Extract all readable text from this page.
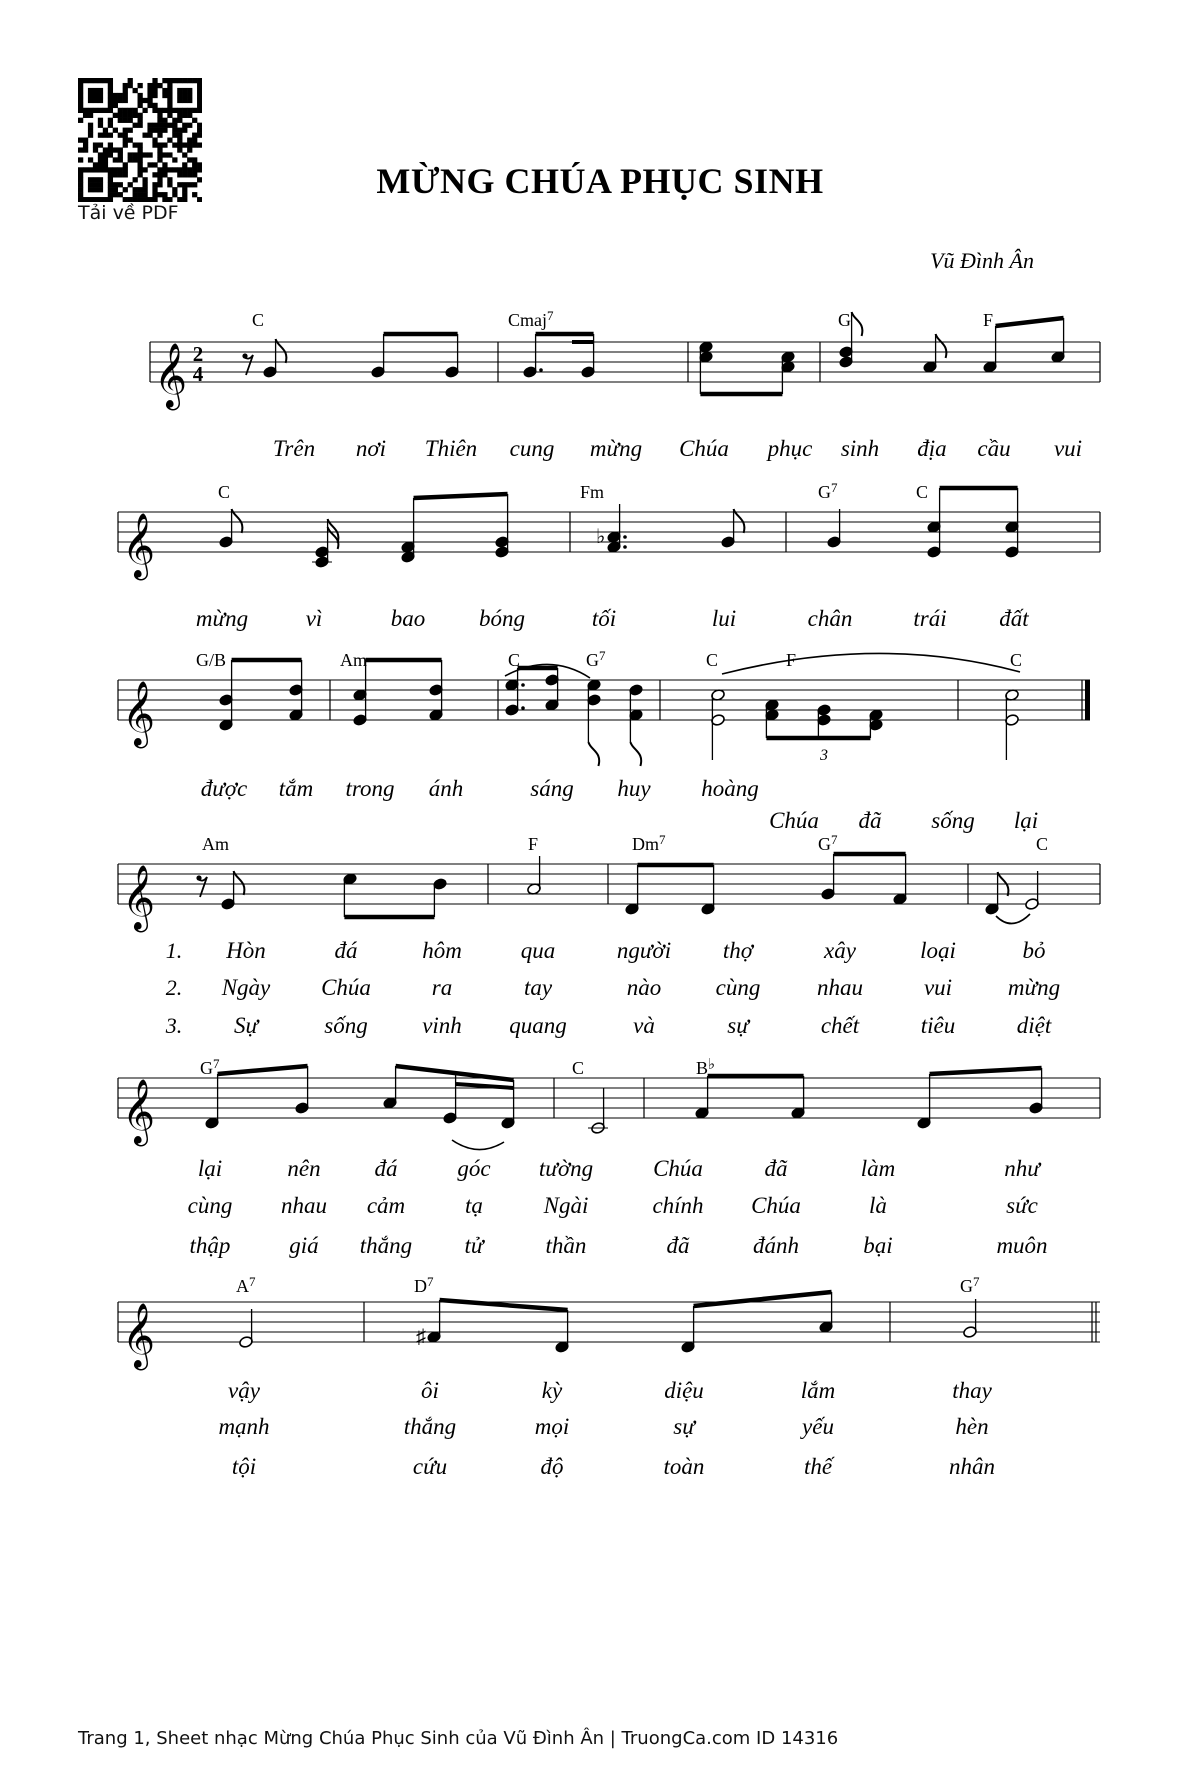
Tải về PDF
MỪNG CHÚA PHỤC SINH
Vũ Đình Ân
𝄞 2
4
C	Cmaj$^7$	G	F
Trên nơi Thiên cung mừng Chúa phục sinh địa cầu vui
𝄞
C	Fm	$G^7$	C
♭
mừng	vì	bao bóng	tối	lui	chân	trái đất
𝄞
G/B	Am	C	$G^7$	C	F	C
3
được tắm trong ánh	sáng huy hoàng
Chúa đã sống lại
𝄞
Am	F	Dm$^7$	$G^7$	C
1.
2.
3.
Hòn	đá	hôm	qua	người thợ	xây	loại	bỏ
Ngày Chúa	ra	tay	nào cùng nhau	vui mừng
Sự	sống vinh quang	và	sự	chết	tiêu	diệt
𝄞
$G^7$	C	B♭
lại	nên đá	góc tường	Chúa	đã	làm	như
cùng nhau cảm	tạ	Ngài	chính Chúa	là	sức
thập	giá thắng tử	thần	đã	đánh	bại	muôn
𝄞
$A^7$	$D^7$	$G^7$
♯
vậy	ôi	kỳ	diệu	lắm	thay
mạnh	thắng	mọi	sự	yếu	hèn
tội	cứu	độ	toàn	thế	nhân
Trang 1, Sheet nhạc Mừng Chúa Phục Sinh của Vũ Đình Ân | TruongCa.com ID 14316
